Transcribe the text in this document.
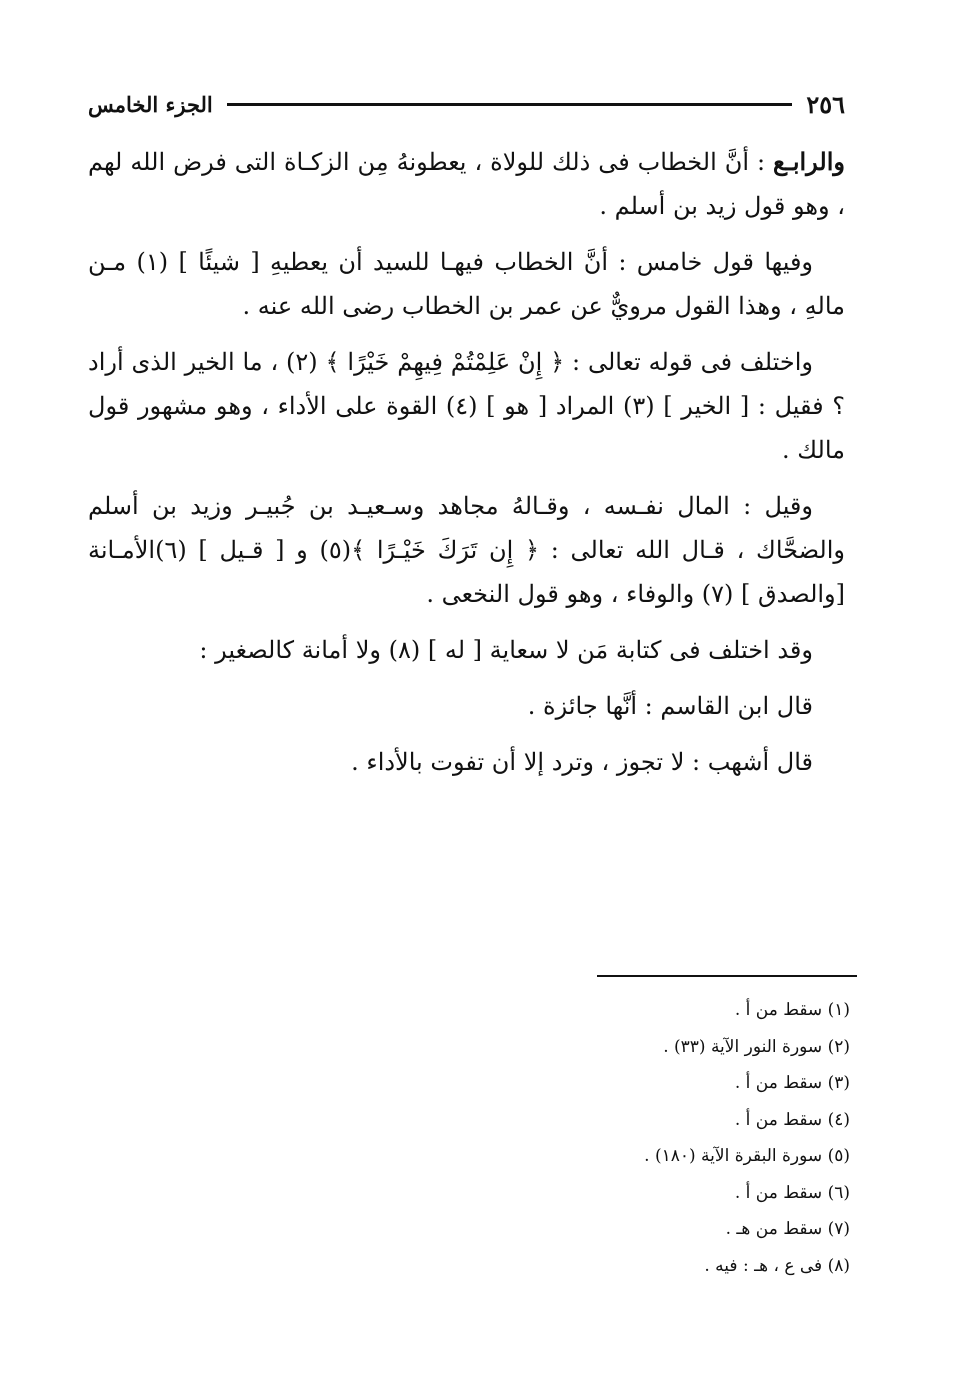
٢٥٦
الجزء الخامس

والرابـع : أنَّ الخطاب فى ذلك للولاة ، يعطونهُ مِن الزكـاة التى فرض الله لهم ، وهو قول زيد بن أسلم .

وفيها قول خامس : أنَّ الخطاب فيهـا للسيد أن يعطيهِ [ شيئًا ] (١) مـن مالهِ ، وهذا القول مرويٌّ عن عمر بن الخطاب رضى الله عنه .

واختلف فى قوله تعالى : ﴿ إِنْ عَلِمْتُمْ فِيهِمْ خَيْرًا ﴾ (٢) ، ما الخير الذى أراد ؟ فقيل : [ الخير ] (٣) المراد [ هو ] (٤) القوة على الأداء ، وهو مشهور قول مالك .

وقيل : المال نفـسه ، وقـالهُ مجاهد وسـعيـد بن جُبيـر وزيد بن أسلم والضحَّاك ، قـال الله تعالى : ﴿ إِن تَرَكَ خَيْـرًا ﴾(٥) و [ قـيل ] (٦)الأمـانة [والصدق ] (٧) والوفاء ، وهو قول النخعى .

وقد اختلف فى كتابة مَن لا سعاية [ له ] (٨) ولا أمانة كالصغير :

قال ابن القاسم : أنَّها جائزة .

قال أشهب : لا تجوز ، وترد إلا أن تفوت بالأداء .

(١) سقط من أ .
(٢) سورة النور الآية (٣٣) .
(٣) سقط من أ .
(٤) سقط من أ .
(٥) سورة البقرة الآية (١٨٠) .
(٦) سقط من أ .
(٧) سقط من هـ .
(٨) فى ع ، هـ : فيه .
